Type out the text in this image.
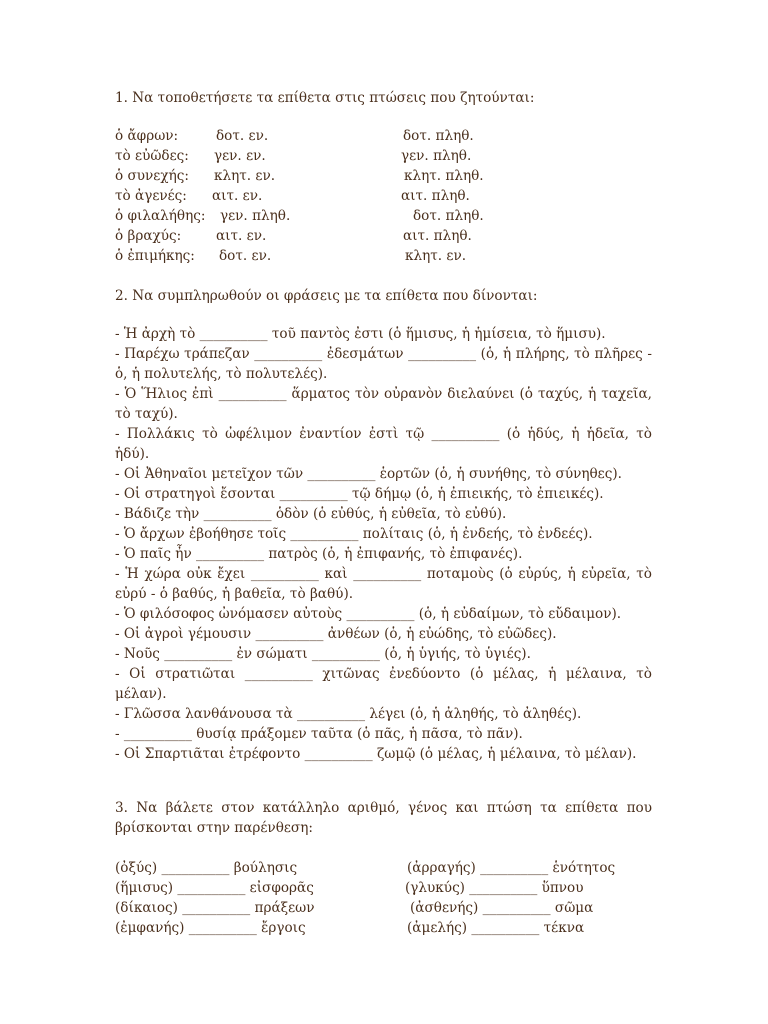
1. Να τοποθετήσετε τα επίθετα στις πτώσεις που ζητούνται:
ὁ ἄφρων:	δοτ. εν.	δοτ. πληθ.
τὸ εὐῶδες: γεν. εν.	γεν. πληθ.
ὁ συνεχής: κλητ. εν.	κλητ. πληθ.
τὸ ἀγενές: αιτ. εν.	αιτ. πληθ.
ὁ φιλαλήθης: γεν. πληθ.	δοτ. πληθ.
ὁ βραχύς:	αιτ. εν.	αιτ. πληθ.
ὁ ἐπιμήκης: δοτ. εν.	κλητ. εν.
2. Να συμπληρωθούν οι φράσεις με τα επίθετα που δίνονται:

- Ἡ ἀρχὴ τὸ __________ τοῦ παντὸς ἐστι (ὁ ἥμισυς, ἡ ἡμίσεια, τὸ ἥμισυ).

- Παρέχω τράπεζαν __________ ἐδεσμάτων __________ (ὁ, ἡ πλήρης, τὸ πλῆρες - ὁ, ἡ πολυτελής, τὸ πολυτελές).

- Ὁ Ἥλιος ἐπὶ __________ ἅρματος τὸν οὐρανὸν διελαύνει (ὁ ταχύς, ἡ ταχεῖα, τὸ ταχύ).

- Πολλάκις τὸ ὠφέλιμον ἐναντίον ἐστὶ τῷ __________ (ὁ ἡδύς, ἡ ἡδεῖα, τὸ ἡδύ).

- Οἱ Ἀθηναῖοι μετεῖχον τῶν __________ ἑορτῶν (ὁ, ἡ συνήθης, τὸ σύνηθες).

- Οἱ στρατηγοὶ ἔσονται __________ τῷ δήμῳ (ὁ, ἡ ἐπιεικής, τὸ ἐπιεικές).

- Βάδιζε τὴν __________ ὁδὸν (ὁ εὐθύς, ἡ εὐθεῖα, τὸ εὐθύ).

- Ὁ ἄρχων ἐβοήθησε τοῖς __________ πολίταις (ὁ, ἡ ἐνδεής, τὸ ἐνδεές).

- Ὁ παῖς ἦν __________ πατρὸς (ὁ, ἡ ἐπιφανής, τὸ ἐπιφανές).

- Ἡ χώρα οὐκ ἔχει __________ καὶ __________ ποταμοὺς (ὁ εὐρύς, ἡ εὐρεῖα, τὸ εὐρύ - ὁ βαθύς, ἡ βαθεῖα, τὸ βαθύ).

- Ὁ φιλόσοφος ὠνόμασεν αὐτοὺς __________ (ὁ, ἡ εὐδαίμων, τὸ εὔδαιμον).

- Οἱ ἀγροὶ γέμουσιν __________ ἀνθέων (ὁ, ἡ εὐώδης, τὸ εὐῶδες).

- Νοῦς __________ ἐν σώματι __________ (ὁ, ἡ ὑγιής, τὸ ὑγιές).

- Οἱ στρατιῶται __________ χιτῶνας ἐνεδύοντο (ὁ μέλας, ἡ μέλαινα, τὸ μέλαν).

- Γλῶσσα λανθάνουσα τὰ __________ λέγει (ὁ, ἡ ἀληθής, τὸ ἀληθές).

- __________ θυσίᾳ πράξομεν ταῦτα (ὁ πᾶς, ἡ πᾶσα, τὸ πᾶν).

- Οἱ Σπαρτιᾶται ἐτρέφοντο __________ ζωμῷ (ὁ μέλας, ἡ μέλαινα, τὸ μέλαν).

3. Να βάλετε στον κατάλληλο αριθμό, γένος και πτώση τα επίθετα που βρίσκονται στην παρένθεση:

(ὀξύς) __________ βούλησις	(ἀρραγής) __________ ἑνότητος
(ἥμισυς) __________ εἰσφορᾶς	(γλυκύς) __________ ὕπνου
(δίκαιος) __________ πράξεων	(ἀσθενής) __________ σῶμα
(ἐμφανής) __________ ἔργοις	(ἀμελής) __________ τέκνα
